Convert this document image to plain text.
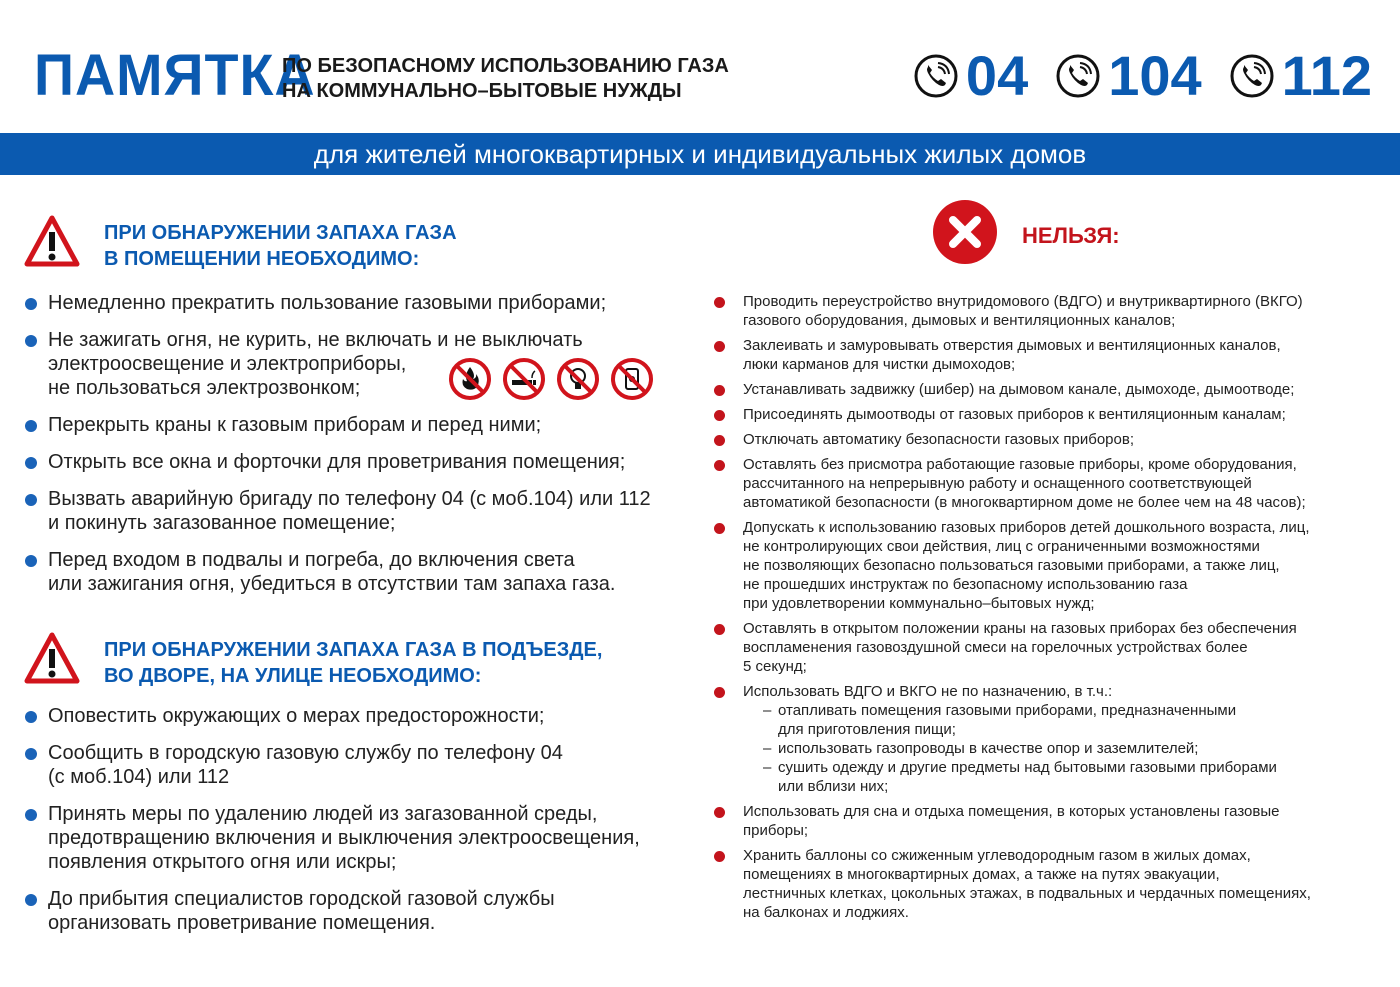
ПАМЯТКА
ПО БЕЗОПАСНОМУ ИСПОЛЬЗОВАНИЮ ГАЗА
НА КОММУНАЛЬНО–БЫТОВЫЕ НУЖДЫ	04 104 112
для жителей многоквартирных и индивидуальных жилых домов
ПРИ ОБНАРУЖЕНИИ ЗАПАХА ГАЗА
В ПОМЕЩЕНИИ НЕОБХОДИМО:
Немедленно прекратить пользование газовыми приборами;
Не зажигать огня, не курить, не включать и не выключать
электроосвещение и электроприборы,
не пользоваться электрозвонком;
Перекрыть краны к газовым приборам и перед ними;
Открыть все окна и форточки для проветривания помещения;
Вызвать аварийную бригаду по телефону 04 (с моб.104) или 112
и покинуть загазованное помещение;
Перед входом в подвалы и погреба, до включения света
или зажигания огня, убедиться в отсутствии там запаха газа.
ПРИ ОБНАРУЖЕНИИ ЗАПАХА ГАЗА В ПОДЪЕЗДЕ,
ВО ДВОРЕ, НА УЛИЦЕ НЕОБХОДИМО:
Оповестить окружающих о мерах предосторожности;
Сообщить в городскую газовую службу по телефону 04
(с моб.104) или 112
Принять меры по удалению людей из загазованной среды,
предотвращению включения и выключения электроосвещения,
появления открытого огня или искры;
До прибытия специалистов городской газовой службы
организовать проветривание помещения.
НЕЛЬЗЯ:
Проводить переустройство внутридомового (ВДГО) и внутриквартирного (ВКГО)
газового оборудования, дымовых и вентиляционных каналов;
Заклеивать и замуровывать отверстия дымовых и вентиляционных каналов,
люки карманов для чистки дымоходов;
Устанавливать задвижку (шибер) на дымовом канале, дымоходе, дымоотводе;
Присоединять дымоотводы от газовых приборов к вентиляционным каналам;
Отключать автоматику безопасности газовых приборов;
Оставлять без присмотра работающие газовые приборы, кроме оборудования,
рассчитанного на непрерывную работу и оснащенного соответствующей
автоматикой безопасности (в многоквартирном доме не более чем на 48 часов);
Допускать к использованию газовых приборов детей дошкольного возраста, лиц,
не контролирующих свои действия, лиц с ограниченными возможностями
не позволяющих безопасно пользоваться газовыми приборами, а также лиц,
не прошедших инструктаж по безопасному использованию газа
при удовлетворении коммунально–бытовых нужд;
Оставлять в открытом положении краны на газовых приборах без обеспечения
воспламенения газовоздушной смеси на горелочных устройствах более
5 секунд;
Использовать ВДГО и ВКГО не по назначению, в т.ч.:
– отапливать помещения газовыми приборами, предназначенными
для приготовления пищи;
– использовать газопроводы в качестве опор и заземлителей;
– сушить одежду и другие предметы над бытовыми газовыми приборами
или вблизи них;
Использовать для сна и отдыха помещения, в которых установлены газовые
приборы;
Хранить баллоны со сжиженным углеводородным газом в жилых домах,
помещениях в многоквартирных домах, а также на путях эвакуации,
лестничных клетках, цокольных этажах, в подвальных и чердачных помещениях,
на балконах и лоджиях.
